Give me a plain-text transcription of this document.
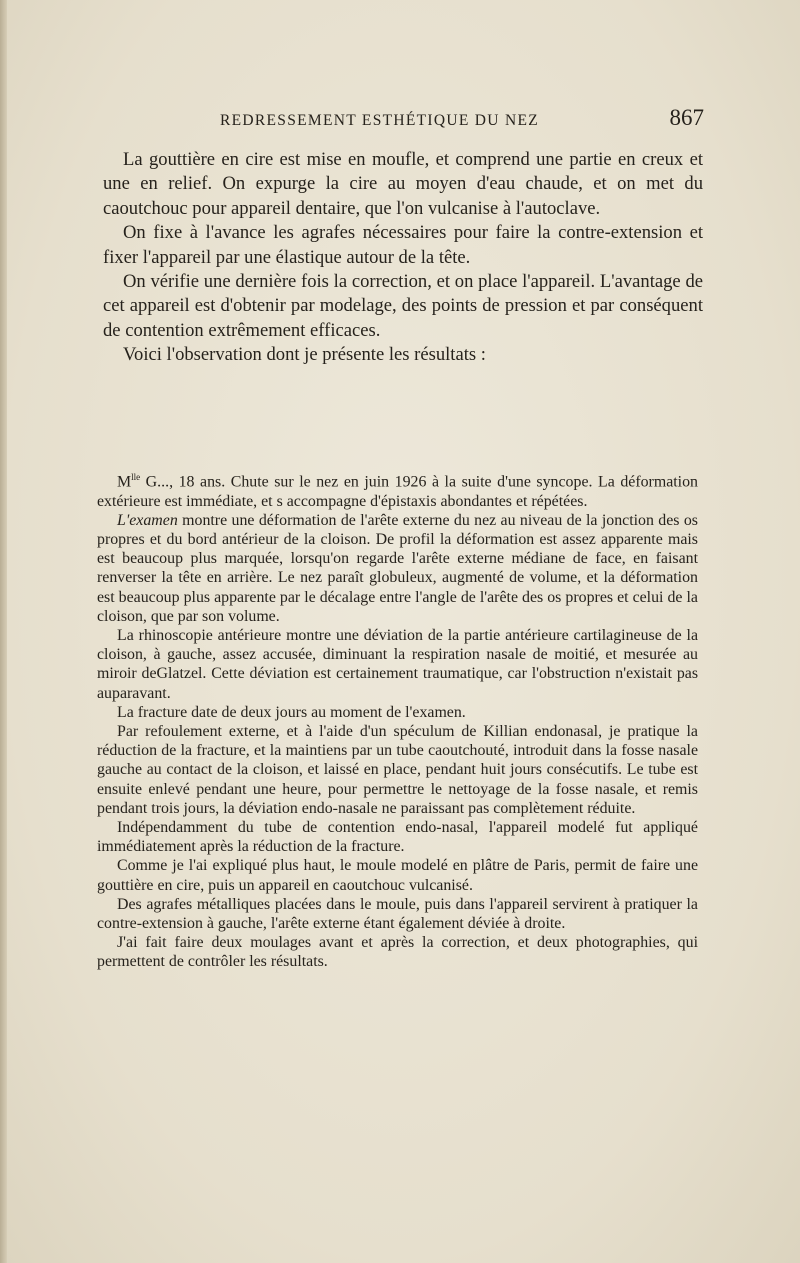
REDRESSEMENT ESTHÉTIQUE DU NEZ	867

La gouttière en cire est mise en moufle, et comprend une partie en creux et une en relief. On expurge la cire au moyen d'eau chaude, et on met du caoutchouc pour appareil dentaire, que l'on vulcanise à l'autoclave.

On fixe à l'avance les agrafes nécessaires pour faire la contre-extension et fixer l'appareil par une élastique autour de la tête.

On vérifie une dernière fois la correction, et on place l'appareil. L'avantage de cet appareil est d'obtenir par modelage, des points de pression et par conséquent de contention extrêmement efficaces.

Voici l'observation dont je présente les résultats :

$M^{lle}$ G..., 18 ans. Chute sur le nez en juin 1926 à la suite d'une syncope. La déformation extérieure est immédiate, et s accompagne d'épistaxis abondantes et répétées.

L'examen montre une déformation de l'arête externe du nez au niveau de la jonction des os propres et du bord antérieur de la cloison. De profil la déformation est assez apparente mais est beaucoup plus marquée, lorsqu'on regarde l'arête externe médiane de face, en faisant renverser la tête en arrière. Le nez paraît globuleux, augmenté de volume, et la déformation est beaucoup plus apparente par le décalage entre l'angle de l'arête des os propres et celui de la cloison, que par son volume.

La rhinoscopie antérieure montre une déviation de la partie antérieure cartilagineuse de la cloison, à gauche, assez accusée, diminuant la respiration nasale de moitié, et mesurée au miroir deGlatzel. Cette déviation est certainement traumatique, car l'obstruction n'existait pas auparavant.

La fracture date de deux jours au moment de l'examen.

Par refoulement externe, et à l'aide d'un spéculum de Killian endonasal, je pratique la réduction de la fracture, et la maintiens par un tube caoutchouté, introduit dans la fosse nasale gauche au contact de la cloison, et laissé en place, pendant huit jours consécutifs. Le tube est ensuite enlevé pendant une heure, pour permettre le nettoyage de la fosse nasale, et remis pendant trois jours, la déviation endo-nasale ne paraissant pas complètement réduite.

Indépendamment du tube de contention endo-nasal, l'appareil modelé fut appliqué immédiatement après la réduction de la fracture.

Comme je l'ai expliqué plus haut, le moule modelé en plâtre de Paris, permit de faire une gouttière en cire, puis un appareil en caoutchouc vulcanisé.

Des agrafes métalliques placées dans le moule, puis dans l'appareil servirent à pratiquer la contre-extension à gauche, l'arête externe étant également déviée à droite.

J'ai fait faire deux moulages avant et après la correction, et deux photographies, qui permettent de contrôler les résultats.
